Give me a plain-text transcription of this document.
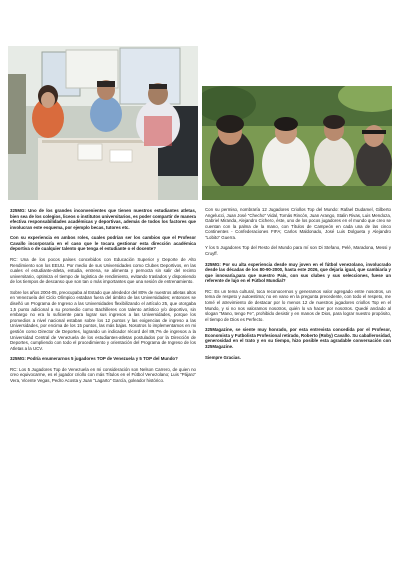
325MG: Uno de los grandes inconvenientes que tienen nuestros estudiantes atletas, bien sea de los colegios, liceos o institutos universitarios, es poder compartir de manera efectiva responsabilidades académicas y deportivas, además de todos los factores que involucran este esquema, por ejemplo becas, tutores etc.

Con su experiencia en ambos roles, cuales podrían ser los cambios que el Profesor Cavallo incorporaría en el caso que le tocara gestionar esta dirección académica deportiva o de cualquier talento que tenga el estudiante o el docente?

RC: Una de los pocos países concebidos con Educación Superior y Deporte de Alto Rendimiento son los EEUU. Por medio de sus Universidades como Clubes Deportivos, en las cuales el estudiante-atleta, estudia, entrena, se alimenta y pernocta sin salir del recinto universitario, optimiza el tiempo de logística de rendimiento, evitando traslados y disponiendo de los tiempos de descanso que son tan o más importantes que una sesión de entrenamiento.

Sobre los años 2004-05, preocupaba al Estado que alrededor del 80% de nuestros atletas altos en Venezuela del Ciclo Olímpico estaban fuera del ámbito de las Universidades; entonces se diseñó un Programa de Ingreso a las Universidades flexibilizando el artículo 25, que otorgaba 1,5 punto adicional a su promedio como Bachilleres con talento artístico y/o deportivo, sin embargo no era lo suficiente para lograr sus ingresos a las Universidades, porque los promedios a nivel nacional estaban sobre los 12 puntos y las exigencias de ingreso a las Universidades, por encima de los 15 puntos, las más bajas. Nosotros lo implementamos en mi gestión como Director de Deportes, logrando un indicador récord del 89,7% de ingresos a la Universidad Central de Venezuela de los estudiantes-atletas postulados por la Dirección de Deportes, cumpliendo con todo el procedimiento y orientación del Programa de Ingreso de los Atletas a la UCV.

325MG: Podría enumerarnos 5 jugadores TOP de Venezuela y 5 TOP del Mundo?

RC: Los 5 Jugadores Top de Venezuela en mi consideración son Nelson Carrero, de quien no creo equivocarme, es el jugador criollo con más Títulos en el Fútbol Venezolano; Luis "Pájaro" Vera, Vicente Vegas, Pedro Acosta y Juan "Lagarto" García, goleador histórico.

Con su permiso, nombraría 12 Jugadores Criollos Top del Mundo: Rafael Dudamel, Gilberto Angelucci, Juan José "Checho" Vidal, Tomás Rincón, Juan Arango, Stalin Rivas, Luis Mendoza, Gabriel Miranda, Alejandro Cichero, éste, uno de los pocos jugadores en el mundo que creo se cuentan con la palma de la mano, con Títulos de Campeón en cada una de las cinco Continentes - Confederaciones FIFA; Carlos Maldonado, José Luis Dolgueta y Alejandro "Lobito" Guerra.

Y los 5 Jugadores Top del Resto del Mundo para mí son Di Stefano, Pelé, Maradona, Messi y Cruyff.

325MG: Por su alta experiencia desde muy joven en el fútbol venezolano, involucrado desde las décadas de los 80-90-2000, hasta este 2026, que dejaría igual, que cambiaría y que innovaría,para que nuestro País, con sus clubes y sus selecciones, fuese un referente de lujo en el Fútbol Mundial?

RC: Es un tema cultural, toca reconocernos y generamos valor agregado entre nosotros, un tema de respeto y autoestima; no en vano en la pregunta precedente, con todo el respeto, me tomé el atrevimiento de destacar por lo menos 12 de nuestros jugadores criollos Top en el Mundo, y si no nos valoramos nosotros, quién lo va hacer por nosotros. Quedé anclado al slogan "Mano, tengo Fe", prohibido desistir y en manos de Dios, para lograr nuestro propósito, el tiempo de Dios es Perfecto.

325Magazine, se siente muy honrado, por esta entrevista concedida por el Profesor, Economista y Futbolista Profesional retirado, Roberto (Roby) Cavallo. Su caballerosidad, generosidad en el trato y en su tiempo, hizo posible esta agradable conversación con 325Magazine.

Siempre Gracias.
